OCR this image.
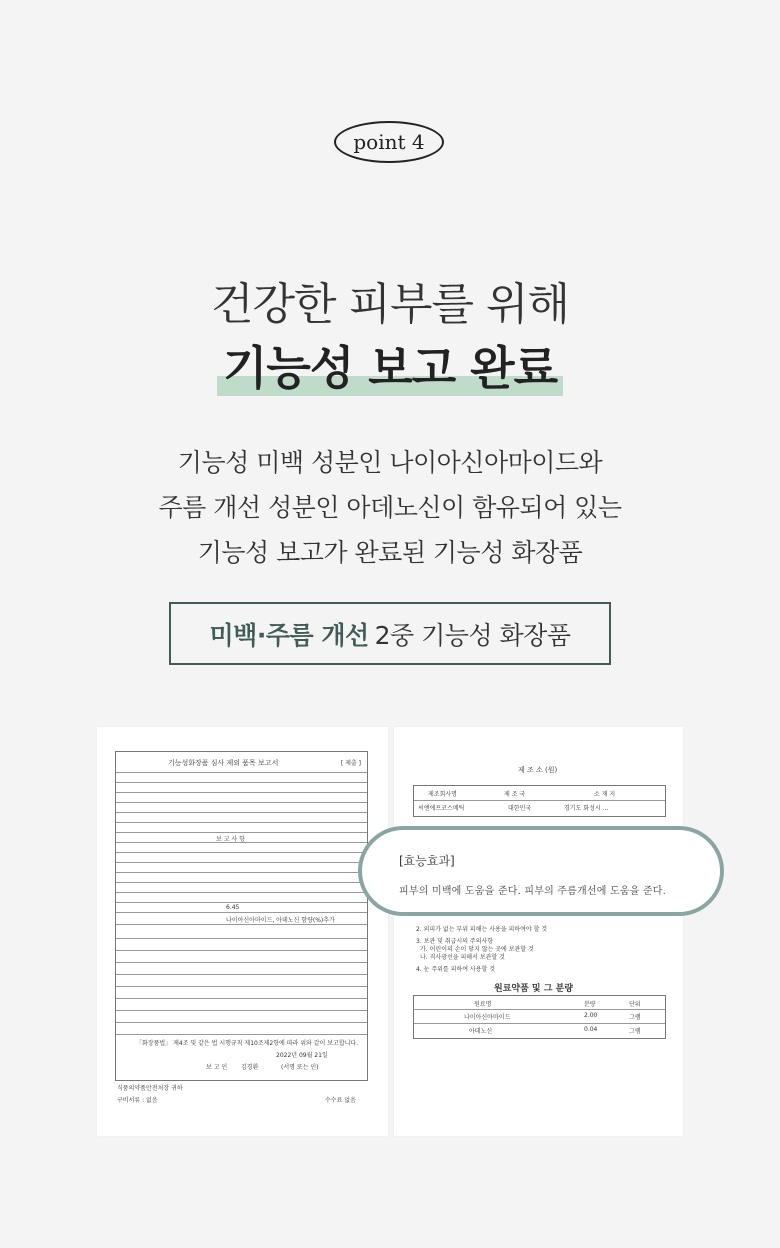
point 4
건강한 피부를 위해
기능성 보고 완료
기능성 미백 성분인 나이아신아마이드와
주름 개선 성분인 아데노신이 함유되어 있는
기능성 보고가 완료된 기능성 화장품
미백·주름 개선 2중 기능성 화장품
기능성화장품 심사 제외 품목 보고서	[ 제출 ]
보 고 사 항
6.45
나이아신아마이드, 아데노신 함량(%)추가
「화장품법」 제4조 및 같은 법 시행규칙 제10조제2항에 따라 위와 같이 보고합니다.
2022년 09월 21일
보 고 인 김경환	(서명 또는 인)
식품의약품안전처장 귀하
구비서류 : 없음	수수료 없음
제 조 소 (원)
제조회사명	제 조 국	소 재 지
씨앤에프코스메틱	대한민국	경기도 화성시 ...
2. 외피가 없는 부위 피해는 사용을 피하여야 할 것
3. 보관 및 취급시의 주의사항
가. 어린이의 손이 닿지 않는 곳에 보관할 것
나. 직사광선을 피해서 보관할 것
4. 눈 주위를 피하여 사용할 것
원료약품 및 그 분량
원료명	분량	단위
나이아신아마이드	2.00	그램
아데노신	0.04	그램
[효능효과]
피부의 미백에 도움을 준다. 피부의 주름개선에 도움을 준다.
